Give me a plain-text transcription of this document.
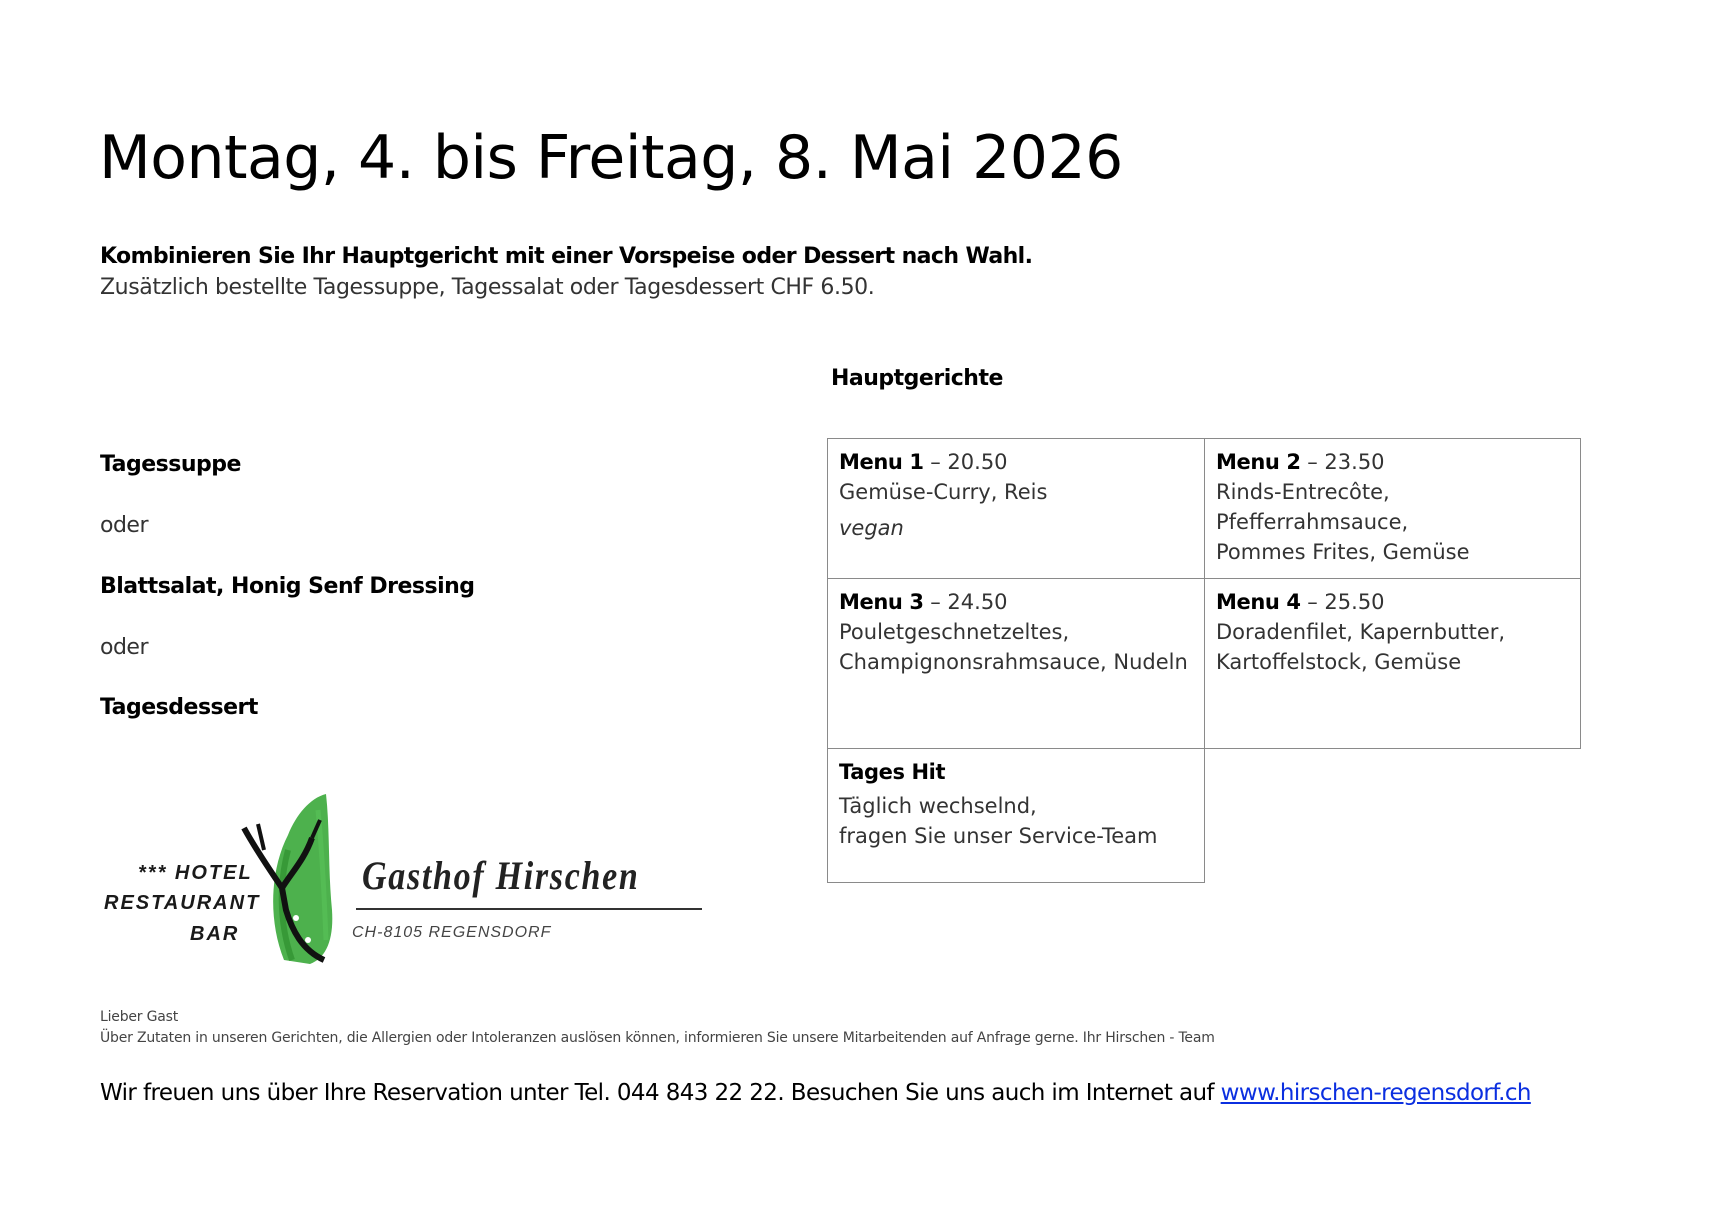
Montag, 4. bis Freitag, 8. Mai 2026
Kombinieren Sie Ihr Hauptgericht mit einer Vorspeise oder Dessert nach Wahl.
Zusätzlich bestellte Tagessuppe, Tagessalat oder Tagesdessert CHF 6.50.
Hauptgerichte
Tagessuppe
oder
Blattsalat, Honig Senf Dressing
oder
Tagesdessert
Menu 1 – 20.50
Gemüse-Curry, Reis
vegan
Menu 2 – 23.50
Rinds-Entrecôte, Pfefferrahmsauce,
Pommes Frites, Gemüse
Menu 3 – 24.50
Pouletgeschnetzeltes,
Champignonsrahmsauce, Nudeln
Menu 4 – 25.50
Doradenfilet, Kapernbutter,
Kartoffelstock, Gemüse
Tages Hit
Täglich wechselnd,
fragen Sie unser Service-Team
*** HOTEL
RESTAURANT
BAR
Gasthof Hirschen
CH-8105 REGENSDORF
Lieber Gast
Über Zutaten in unseren Gerichten, die Allergien oder Intoleranzen auslösen können, informieren Sie unsere Mitarbeitenden auf Anfrage gerne. Ihr Hirschen - Team
Wir freuen uns über Ihre Reservation unter Tel. 044 843 22 22. Besuchen Sie uns auch im Internet auf www.hirschen-regensdorf.ch
